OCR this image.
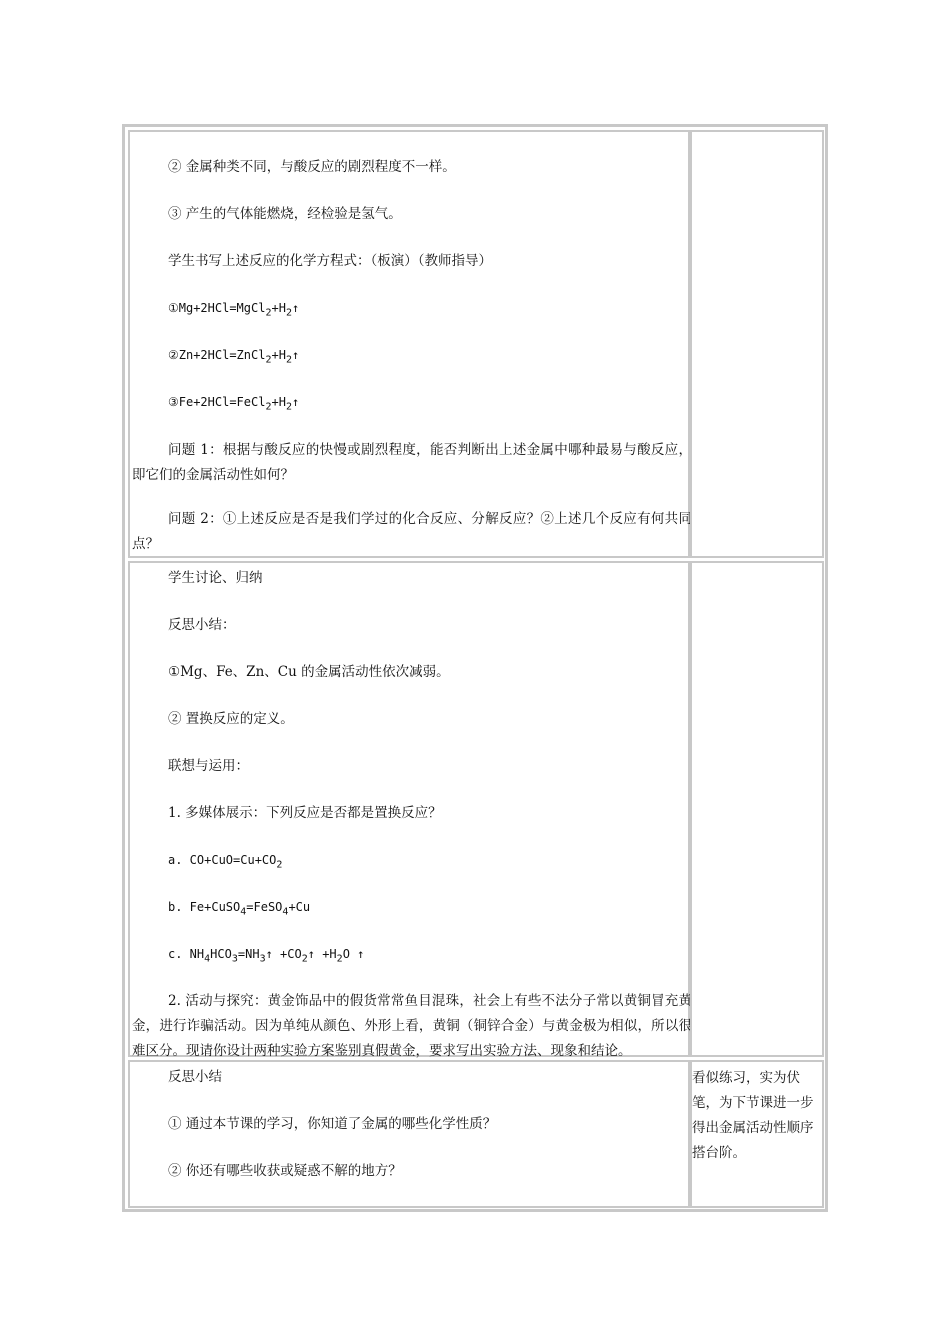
② 金属种类不同，与酸反应的剧烈程度不一样。
③ 产生的气体能燃烧，经检验是氢气。
学生书写上述反应的化学方程式：（板演）（教师指导）
$①Mg+2HCl=MgCl_2+H_2↑$
$②Zn+2HCl=ZnCl_2+H_2↑$
$③Fe+2HCl=FeCl_2+H_2↑$
问题 1：根据与酸反应的快慢或剧烈程度，能否判断出上述金属中哪种最易与酸反应，即它们的金属活动性如何？
问题 2：①上述反应是否是我们学过的化合反应、分解反应？②上述几个反应有何共同点？
学生讨论、归纳
反思小结：
①Mg、Fe、Zn、Cu 的金属活动性依次减弱。
② 置换反应的定义。
联想与运用：
1. 多媒体展示：下列反应是否都是置换反应？
a. $CO+CuO=Cu+CO_2$
b. Fe+CuSO$_4$=FeSO$_4$+Cu
c. $NH_4HCO_3=NH_3↑$ $+CO_2↑ +H_2O$ ↑
2. 活动与探究：黄金饰品中的假货常常鱼目混珠，社会上有些不法分子常以黄铜冒充黄金，进行诈骗活动。因为单纯从颜色、外形上看，黄铜（铜锌合金）与黄金极为相似，所以很难区分。现请你设计两种实验方案鉴别真假黄金，要求写出实验方法、现象和结论。
反思小结
① 通过本节课的学习，你知道了金属的哪些化学性质？
② 你还有哪些收获或疑惑不解的地方？
看似练习，实为伏笔，为下节课进一步得出金属活动性顺序搭台阶。
